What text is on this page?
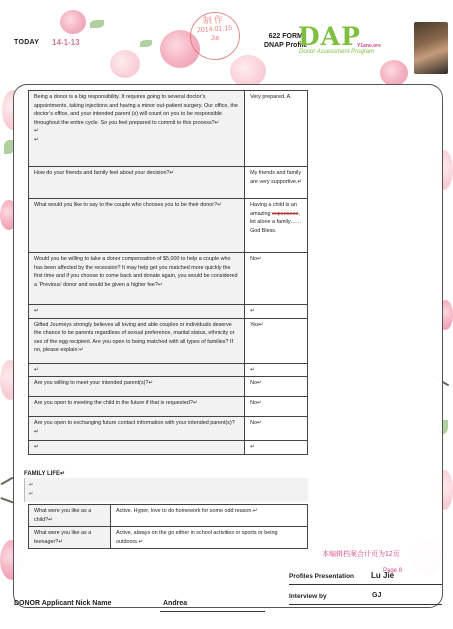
TODAY 14-1-13
制作
2014.01.15
Jie	622 FORM
DNAP Profile
DAP
Y1ane.ore
Donor Assessment Program
Being a donor is a big responsibility. It requires going to several doctor’s appointments, taking injections and having a minor out-patient surgery. Our office, the doctor’s office, and your intended parent (s) will count on you to be responsible throughout the entire cycle. So you feel prepared to commit to this process?↵
↵
↵	Very prepared. A.
How do your friends and family feel about your decision?↵	My friends and family are very supportive.↵
What would you like to say to the couple who chooses you to be their donor?↵	Having a child is an amazing experiance, let alone a family……God Bless.
Would you be willing to take a donor compensation of $5,000 to help a couple who has been affected by the recession? It may help get you matched more quickly the first time and if you choose to come back and donate again, you would be considered a ‘Previous’ donor and would be given a higher fee?↵	No↵
↵	↵
Gifted Journeys strongly believes all loving and able couples or individuals deserve the chance to be parents regardless of sexual preference, marital status, ethnicity or sex of the egg recipient. Are you open to being matched with all types of families? If no, please explain:↵	Yes↵
↵	↵
Are you willing to meet your intended parent(s)?↵	No↵
Are you open to meeting the child in the future if that is requested?↵	No↵
Are you open to exchanging future contact information with your intended parent(s)?↵	No↵
↵	↵
FAMILY LIFE↵
↵
↵
What were you like as a child?↵	Active. Hyper, love to do homework for some odd reason.↵
What were you like as a teenager?↵	Active, always on the go either in school activities or sports or being outdoors.↵
本编辑档案合计页为12页
Page 8
Profiles Presentation Lu Jie
Interview by	GJ
DONOR Applicant Nick Name	Andrea
